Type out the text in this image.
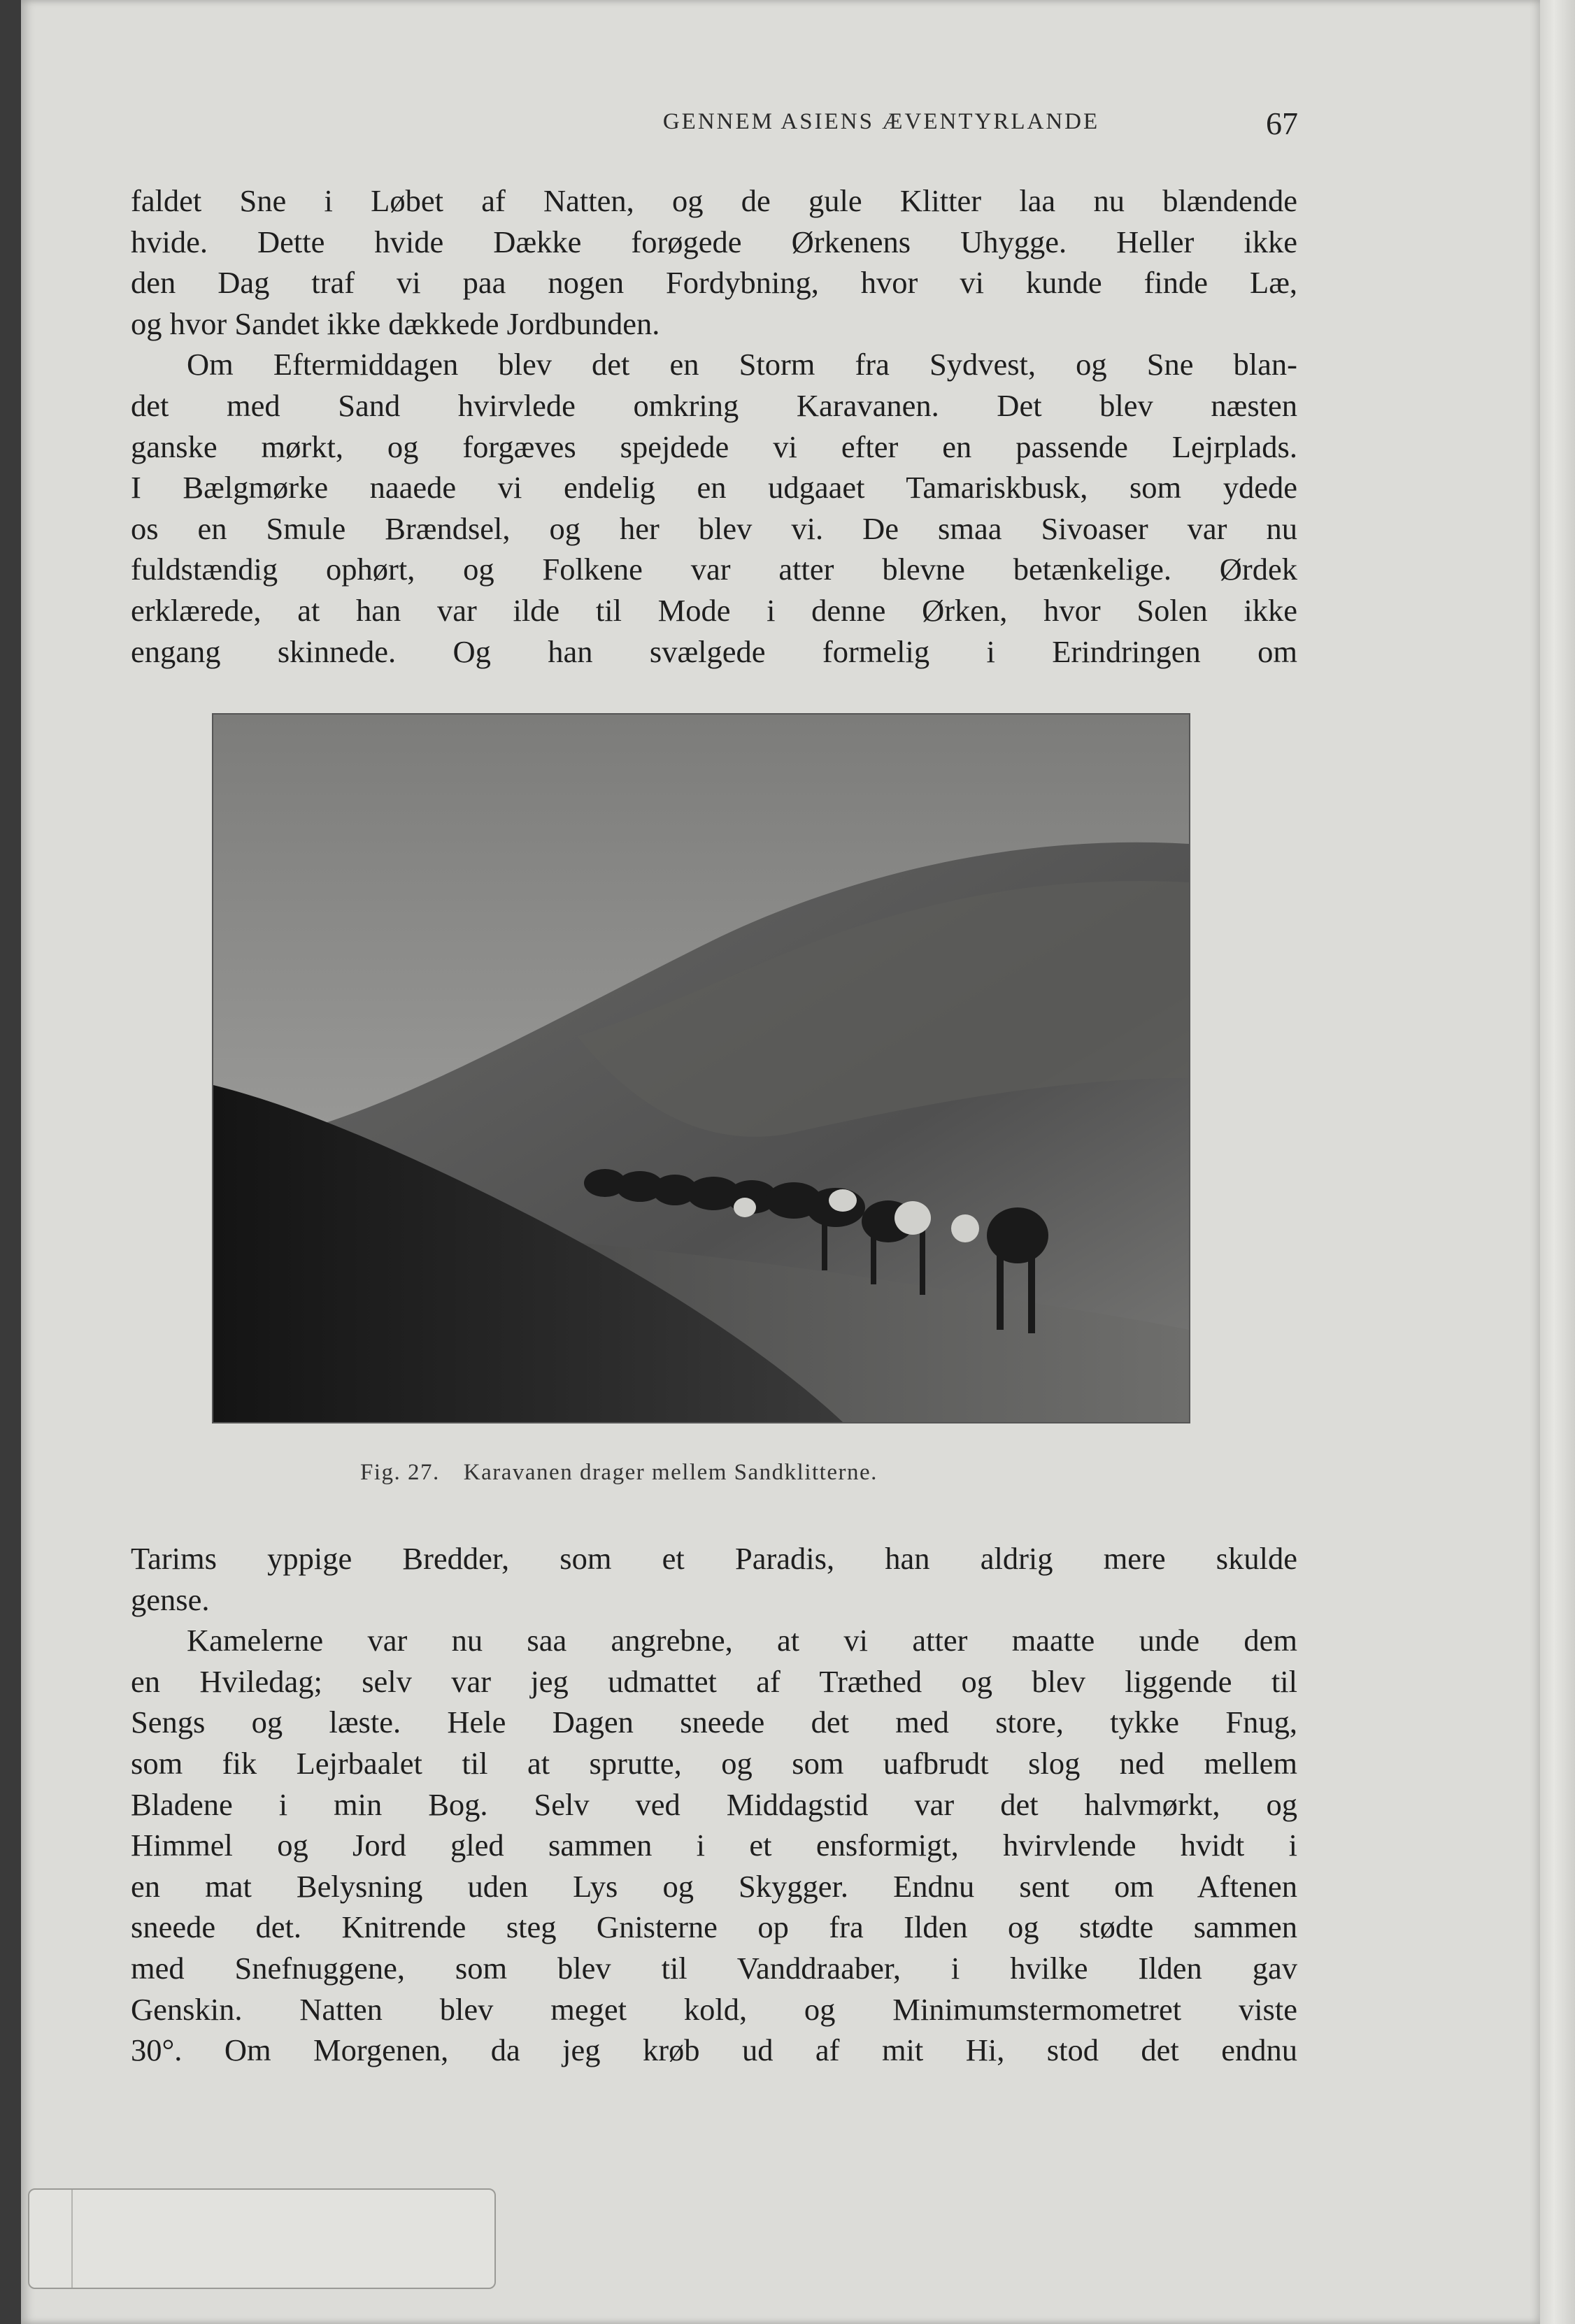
GENNEM ASIENS ÆVENTYRLANDE	67
faldet Sne i Løbet af Natten, og de gule Klitter laa nu blændende
hvide. Dette hvide Dække forøgede Ørkenens Uhygge. Heller ikke
den Dag traf vi paa nogen Fordybning, hvor vi kunde finde Læ,
og hvor Sandet ikke dækkede Jordbunden.
Om Eftermiddagen blev det en Storm fra Sydvest, og Sne blan-
det med Sand hvirvlede omkring Karavanen. Det blev næsten
ganske mørkt, og forgæves spejdede vi efter en passende Lejrplads.
I Bælgmørke naaede vi endelig en udgaaet Tamariskbusk, som ydede
os en Smule Brændsel, og her blev vi. De smaa Sivoaser var nu
fuldstændig ophørt, og Folkene var atter blevne betænkelige. Ørdek
erklærede, at han var ilde til Mode i denne Ørken, hvor Solen ikke
engang skinnede. Og han svælgede formelig i Erindringen om
Fig. 27. Karavanen drager mellem Sandklitterne.
Tarims yppige Bredder, som et Paradis, han aldrig mere skulde
gense.
Kamelerne var nu saa angrebne, at vi atter maatte unde dem
en Hviledag; selv var jeg udmattet af Træthed og blev liggende til
Sengs og læste. Hele Dagen sneede det med store, tykke Fnug,
som fik Lejrbaalet til at sprutte, og som uafbrudt slog ned mellem
Bladene i min Bog. Selv ved Middagstid var det halvmørkt, og
Himmel og Jord gled sammen i et ensformigt, hvirvlende hvidt i
en mat Belysning uden Lys og Skygger. Endnu sent om Aftenen
sneede det. Knitrende steg Gnisterne op fra Ilden og stødte sammen
med Snefnuggene, som blev til Vanddraaber, i hvilke Ilden gav
Genskin. Natten blev meget kold, og Minimumstermometret viste
30°. Om Morgenen, da jeg krøb ud af mit Hi, stod det endnu
